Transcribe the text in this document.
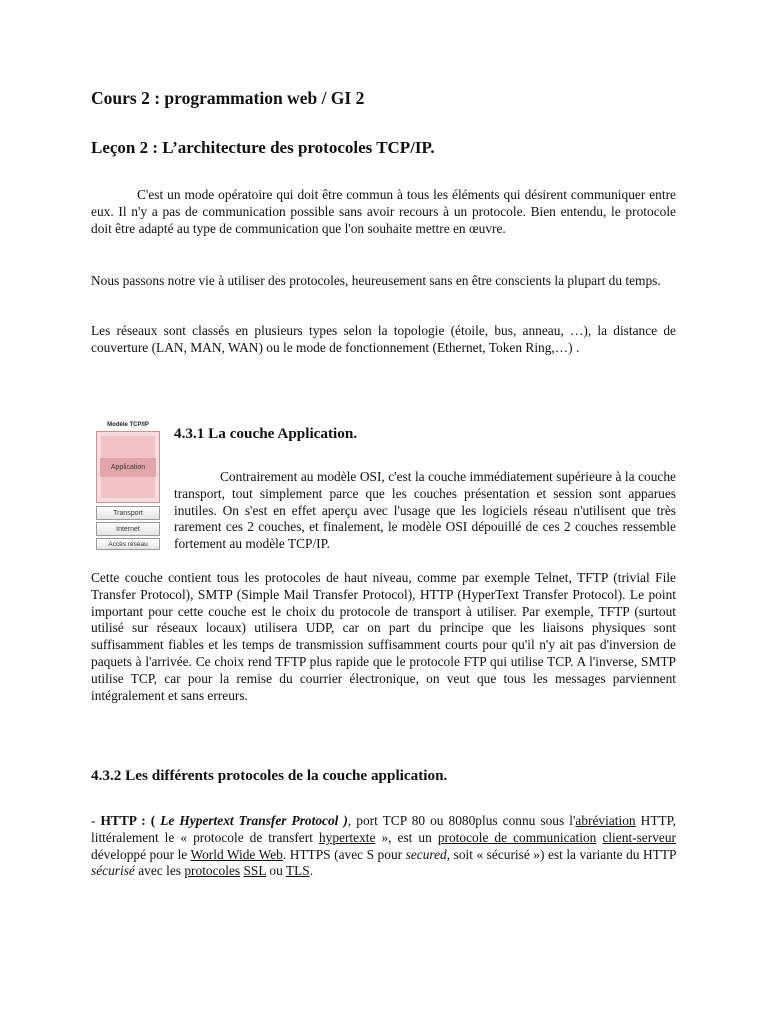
Cours 2 : programmation web / GI 2
Leçon 2 : L’architecture des protocoles TCP/IP.

C'est un mode opératoire qui doit être commun à tous les éléments qui désirent communiquer entre eux. Il n'y a pas de communication possible sans avoir recours à un protocole. Bien entendu, le protocole doit être adapté au type de communication que l'on souhaite mettre en œuvre.

Nous passons notre vie à utiliser des protocoles, heureusement sans en être conscients la plupart du temps.

Les réseaux sont classés en plusieurs types selon la topologie (étoile, bus, anneau, …), la distance de couverture (LAN, MAN, WAN) ou le mode de fonctionnement (Ethernet, Token Ring,…) .

Modèle TCP/IP
Application
Transport
Internet
Accès réseau
4.3.1 La couche Application.

Contrairement au modèle OSI, c'est la couche immédiatement supérieure à la couche transport, tout simplement parce que les couches présentation et session sont apparues inutiles. On s'est en effet aperçu avec l'usage que les logiciels réseau n'utilisent que très rarement ces 2 couches, et finalement, le modèle OSI dépouillé de ces 2 couches ressemble fortement au modèle TCP/IP.

Cette couche contient tous les protocoles de haut niveau, comme par exemple Telnet, TFTP (trivial File Transfer Protocol), SMTP (Simple Mail Transfer Protocol), HTTP (HyperText Transfer Protocol). Le point important pour cette couche est le choix du protocole de transport à utiliser. Par exemple, TFTP (surtout utilisé sur réseaux locaux) utilisera UDP, car on part du principe que les liaisons physiques sont suffisamment fiables et les temps de transmission suffisamment courts pour qu'il n'y ait pas d'inversion de paquets à l'arrivée. Ce choix rend TFTP plus rapide que le protocole FTP qui utilise TCP. A l'inverse, SMTP utilise TCP, car pour la remise du courrier électronique, on veut que tous les messages parviennent intégralement et sans erreurs.

4.3.2 Les différents protocoles de la couche application.

- HTTP : ( Le Hypertext Transfer Protocol ), port TCP 80 ou 8080plus connu sous l'abréviation HTTP, littéralement le « protocole de transfert hypertexte », est un protocole de communication client-serveur développé pour le World Wide Web. HTTPS (avec S pour secured, soit « sécurisé ») est la variante du HTTP sécurisé avec les protocoles SSL ou TLS.
